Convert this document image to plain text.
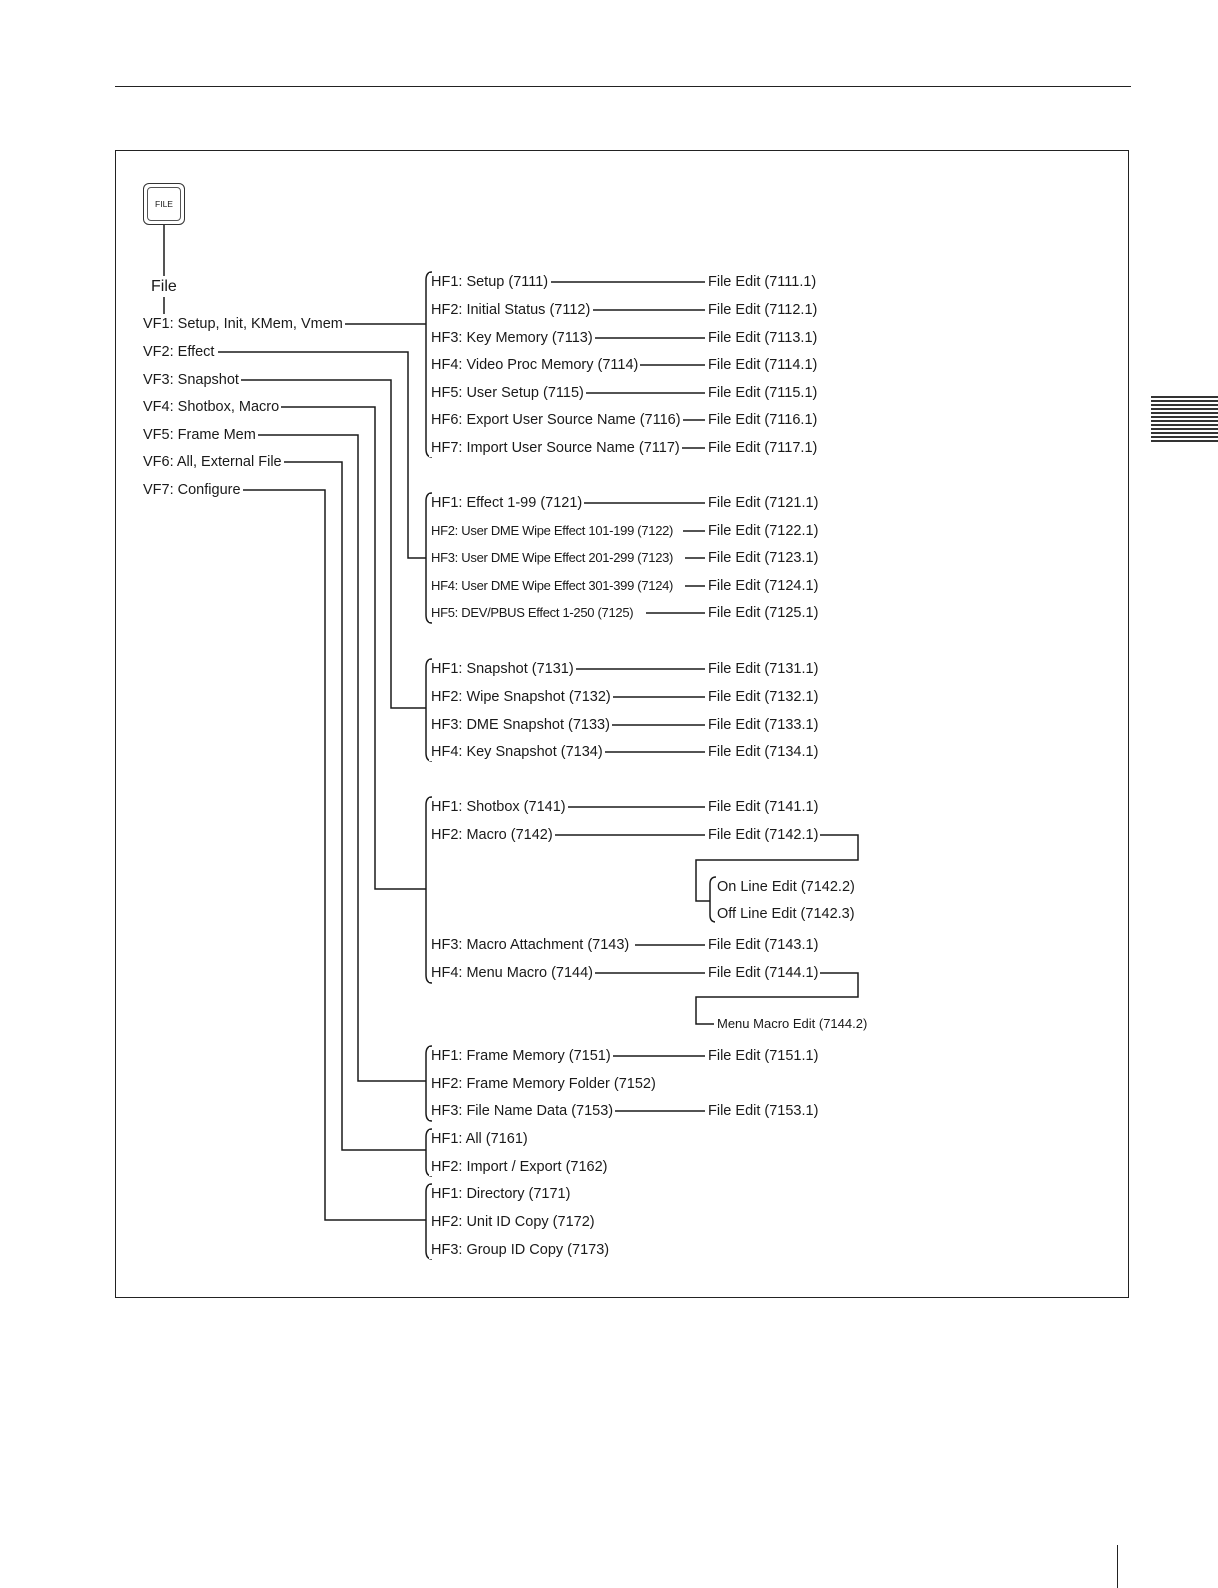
FILE
File
VF1: Setup, Init, KMem, Vmem
VF2: Effect
VF3: Snapshot
VF4: Shotbox, Macro
VF5: Frame Mem
VF6: All, External File
VF7: Configure
HF1: Setup (7111)
HF2: Initial Status (7112)
HF3: Key Memory (7113)
HF4: Video Proc Memory (7114)
HF5: User Setup (7115)
HF6: Export User Source Name (7116)
HF7: Import User Source Name (7117)
File Edit (7111.1)
File Edit (7112.1)
File Edit (7113.1)
File Edit (7114.1)
File Edit (7115.1)
File Edit (7116.1)
File Edit (7117.1)
HF1: Effect 1-99 (7121)
HF2: User DME Wipe Effect 101-199 (7122)
HF3: User DME Wipe Effect 201-299 (7123)
HF4: User DME Wipe Effect 301-399 (7124)
HF5: DEV/PBUS Effect 1-250 (7125)
File Edit (7121.1)
File Edit (7122.1)
File Edit (7123.1)
File Edit (7124.1)
File Edit (7125.1)
HF1: Snapshot (7131)
HF2: Wipe Snapshot (7132)
HF3: DME Snapshot (7133)
HF4: Key Snapshot (7134)
File Edit (7131.1)
File Edit (7132.1)
File Edit (7133.1)
File Edit (7134.1)
HF1: Shotbox (7141)
HF2: Macro (7142)
HF3: Macro Attachment (7143)
HF4: Menu Macro (7144)
File Edit (7141.1)
File Edit (7142.1)
On Line Edit (7142.2)
Off Line Edit (7142.3)
File Edit (7143.1)
File Edit (7144.1)
Menu Macro Edit (7144.2)
HF1: Frame Memory (7151)
HF2: Frame Memory Folder (7152)
HF3: File Name Data (7153)
File Edit (7151.1)
File Edit (7153.1)
HF1: All (7161)
HF2: Import / Export (7162)
HF1: Directory (7171)
HF2: Unit ID Copy (7172)
HF3: Group ID Copy (7173)
